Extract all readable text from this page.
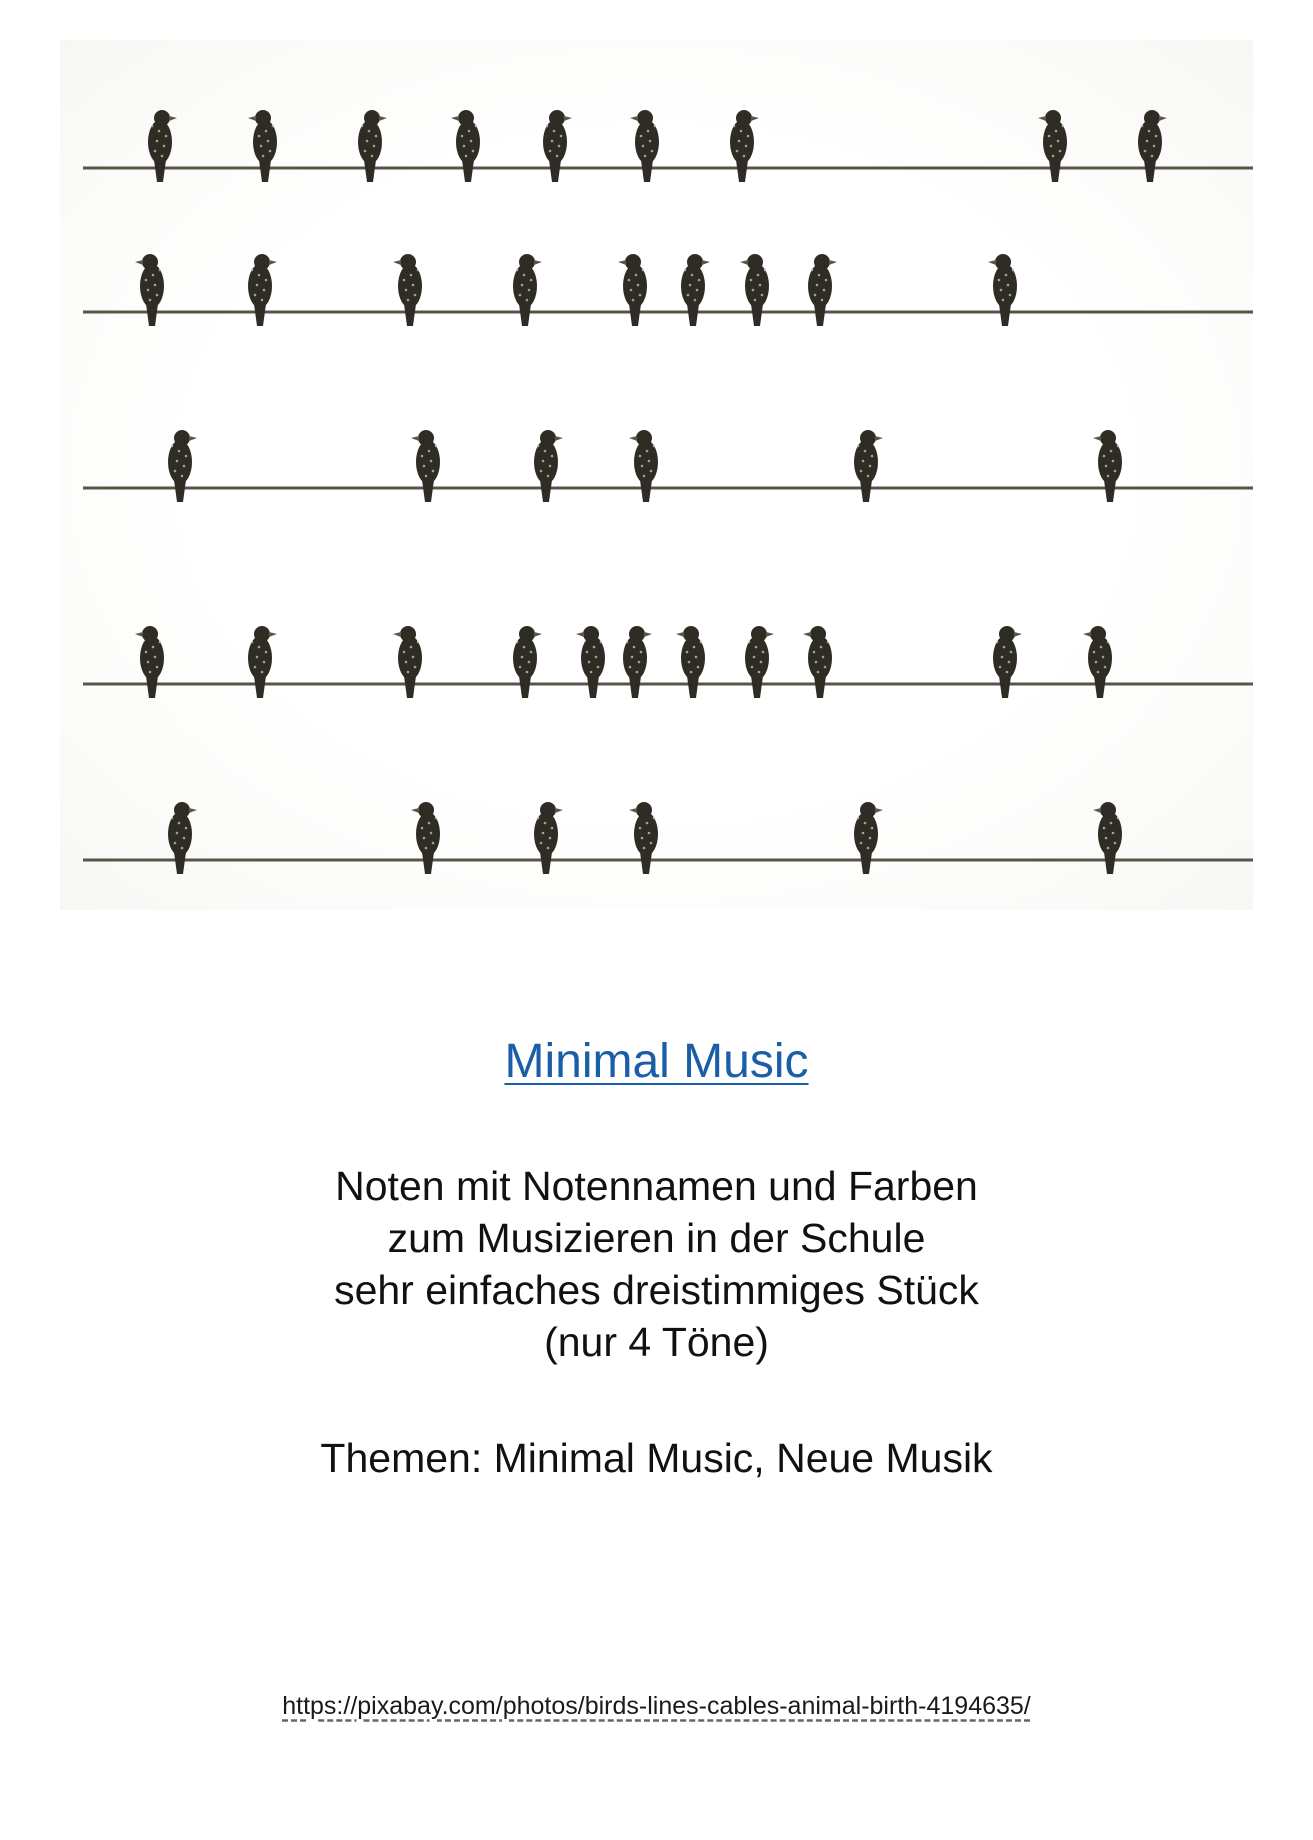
Minimal Music
Noten mit Notennamen und Farben
zum Musizieren in der Schule
sehr einfaches dreistimmiges Stück
(nur 4 Töne)
Themen: Minimal Music, Neue Musik
https://pixabay.com/photos/birds-lines-cables-animal-birth-4194635/
